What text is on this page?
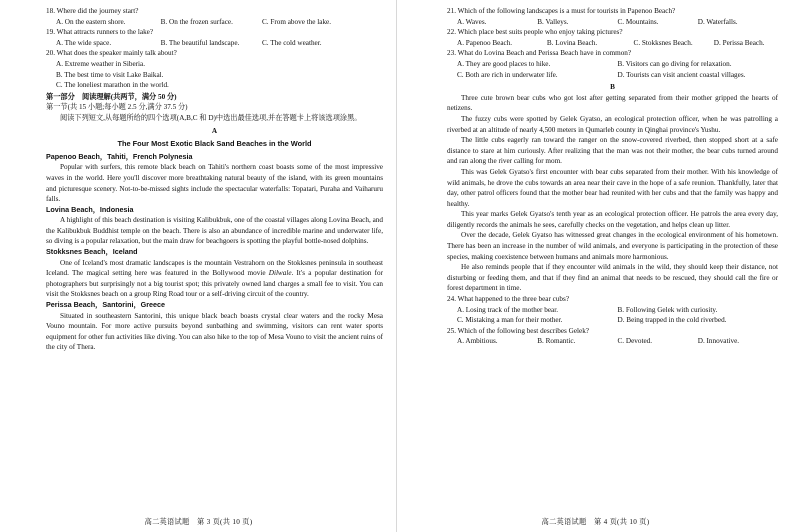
18. Where did the journey start?

A. On the eastern shore.	B. On the frozen surface.	C. From above the lake.

19. What attracts runners to the lake?

A. The wide space.	B. The beautiful landscape.	C. The cold weather.

20. What does the speaker mainly talk about?

A. Extreme weather in Siberia.
B. The best time to visit Lake Baikal.
C. The loneliest marathon in the world.
第一部分　阅读理解(共两节，满分 50 分)
第一节(共 15 小题;每小题 2.5 分,满分 37.5 分)

阅读下列短文,从每题所给的四个选项(A,B,C 和 D)中选出最佳选项,并在答题卡上将该选项涂黑。

A

The Four Most Exotic Black Sand Beaches in the World

Papenoo Beach，Tahiti，French Polynesia

Popular with surfers, this remote black beach on Tahiti's northern coast boasts some of the most impressive waves in the world. Here you'll discover more breathtaking natural beauty of the island, with its green mountains and picturesque scenery. Not-to-be-missed sights include the spectacular waterfalls: Topatari, Puraha and Vaiharuru falls.

Lovina Beach，Indonesia

A highlight of this beach destination is visiting Kalibukbuk, one of the coastal villages along Lovina Beach, and the Kalibukbuk Buddhist temple on the beach. There is also an abundance of incredible marine and underwater life, so diving is a popular relaxation, but the main draw for beachgoers is spotting the playful bottle-nosed dolphins.

Stokksnes Beach，Iceland

One of Iceland's most dramatic landscapes is the mountain Vestrahorn on the Stokksnes peninsula in southeast Iceland. The magical setting here was featured in the Bollywood movie Dilwale. It's a popular destination for photographers but surprisingly not a big tourist spot; this privately owned land charges a small fee to visit. You can visit the Stokksnes beach on a group Ring Road tour or a self-driving circuit of the country.

Perissa Beach，Santorini，Greece

Situated in southeastern Santorini, this unique black beach boasts crystal clear waters and the rocky Mesa Vouno mountain. For more active pursuits beyond sunbathing and swimming, visitors can rent water sports equipment for other fun activities like diving. You can also hike to the top of Mesa Vouno to visit the ancient ruins of the city of Thera.

高二英语试题　第 3 页(共 10 页)

21. Which of the following landscapes is a must for tourists in Papenoo Beach?

A. Waves.	B. Valleys.	C. Mountains.	D. Waterfalls.

22. Which place best suits people who enjoy taking pictures?

A. Papenoo Beach.	B. Lovina Beach.	C. Stokksnes Beach.	D. Perissa Beach.

23. What do Lovina Beach and Perissa Beach have in common?

A. They are good places to hike.	B. Visitors can go diving for relaxation.
C. Both are rich in underwater life.	D. Tourists can visit ancient coastal villages.

B

Three cute brown bear cubs who got lost after getting separated from their mother gripped the hearts of netizens.

The fuzzy cubs were spotted by Gelek Gyatso, an ecological protection officer, when he was patrolling a riverbed at an altitude of nearly 4,500 meters in Qumarleb county in Qinghai province's Yushu.

The little cubs eagerly ran toward the ranger on the snow-covered riverbed, then stopped short at a safe distance to stare at him curiously. After realizing that the man was not their mother, the bear cubs turned around and ran along the river calling for mom.

This was Gelek Gyatso's first encounter with bear cubs separated from their mother. With his knowledge of wild animals, he drove the cubs towards an area near their cave in the hope of a safe reunion. Thankfully, later that day, other patrol officers found that the mother bear had reunited with her cubs and that the family was happy and healthy.

This year marks Gelek Gyatso's tenth year as an ecological protection officer. He patrols the area every day, diligently records the animals he sees, carefully checks on the vegetation, and helps clean up litter.

Over the decade, Gelek Gyatso has witnessed great changes in the ecological environment of his hometown. There has been an increase in the number of wild animals, and everyone is participating in the protection of these species, making coexistence between humans and animals more harmonious.

He also reminds people that if they encounter wild animals in the wild, they should keep their distance, not disturbing or feeding them, and that if they find an animal that needs to be rescued, they should call the fire or forest department in time.

24. What happened to the three bear cubs?

A. Losing track of the mother bear.	B. Following Gelek with curiosity.
C. Mistaking a man for their mother.	D. Being trapped in the cold riverbed.

25. Which of the following best describes Gelek?

A. Ambitious.	B. Romantic.	C. Devoted.	D. Innovative.
高二英语试题　第 4 页(共 10 页)
